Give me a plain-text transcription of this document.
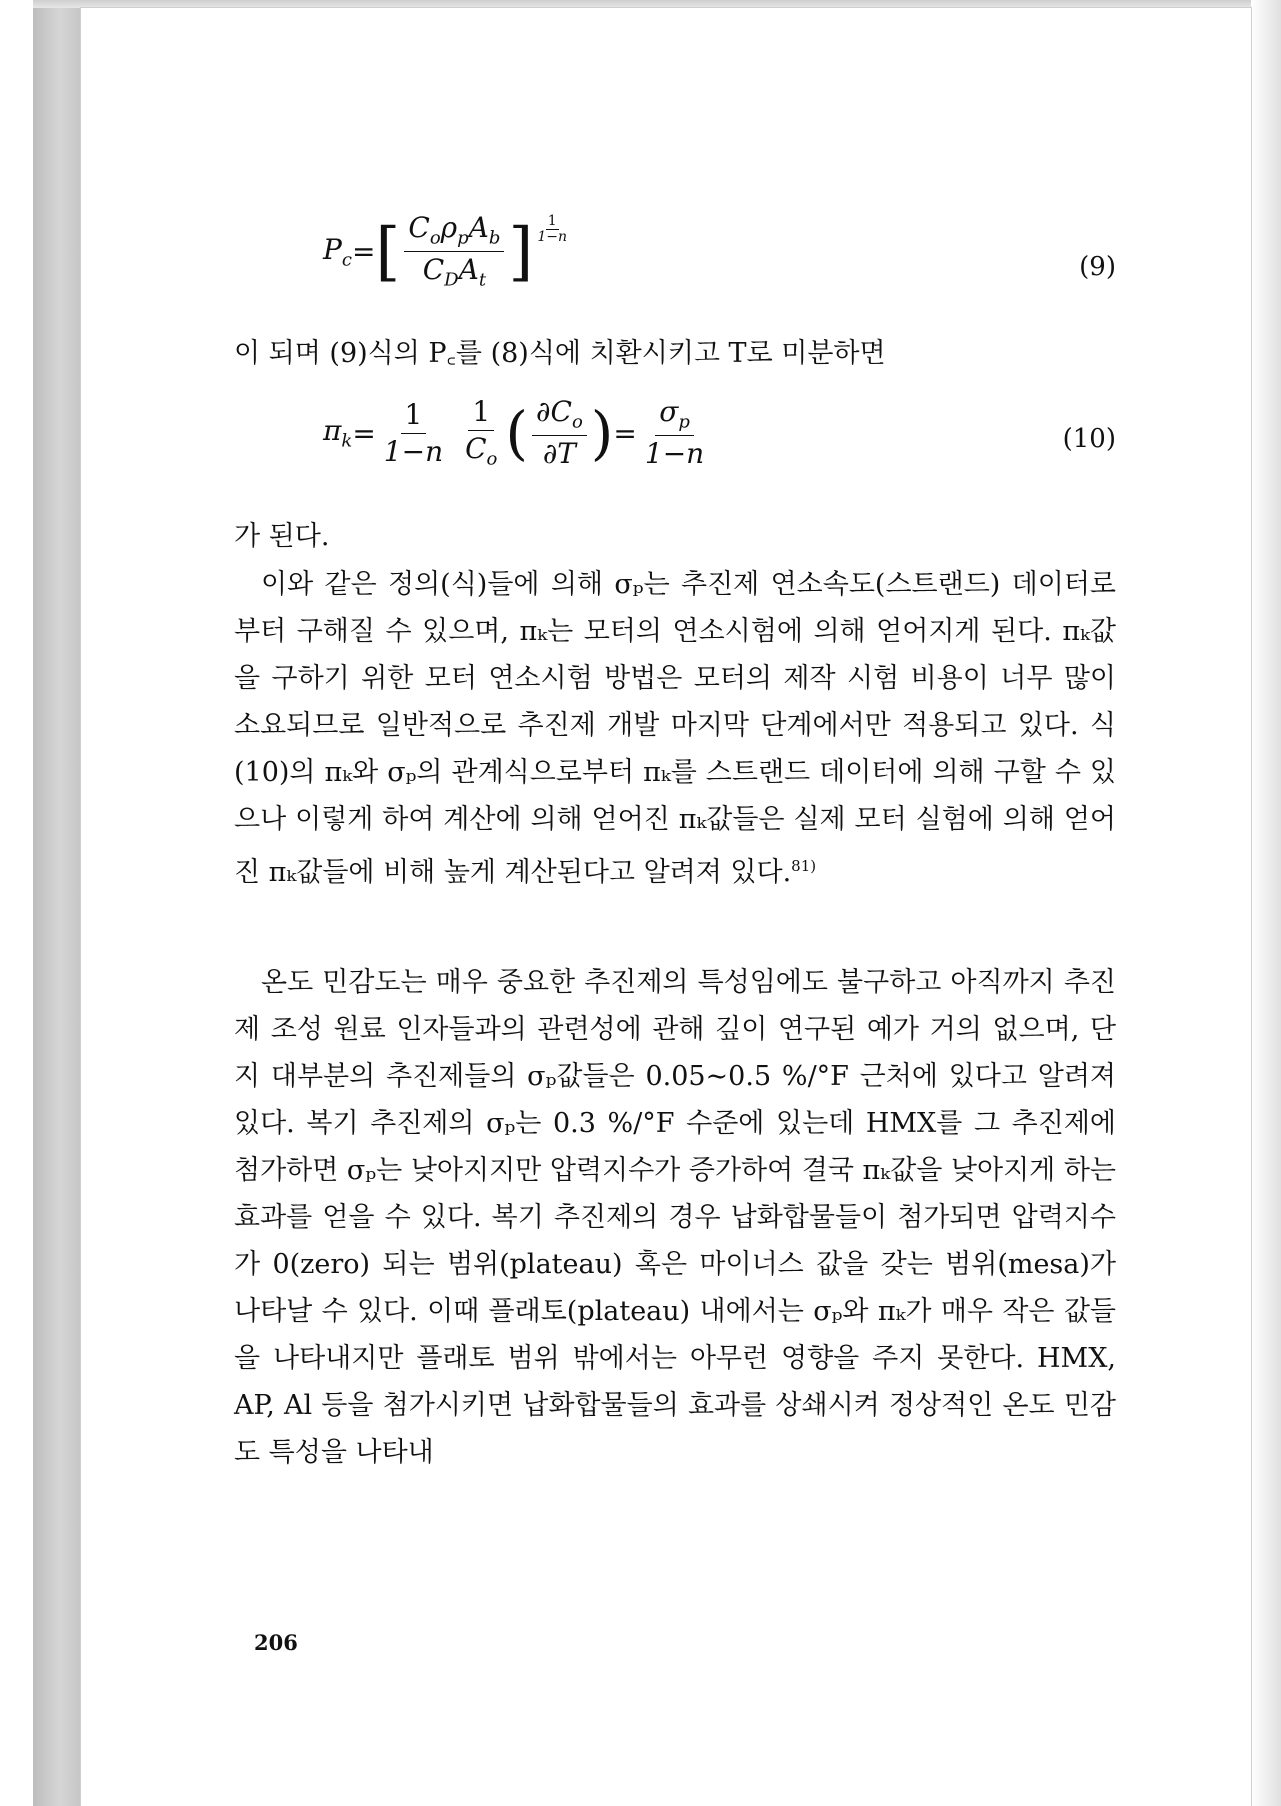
$P_c$ = [ $\frac{C_o\rho_pA_b}{C_DA_t}$ ] $\frac{1}{1-n}$
(9)
이 되며 (9)식의 P꜀를 (8)식에 치환시키고 T로 미분하면
$\pi_k = \frac{1}{1-n} \frac{1}{C_o}$ ( $\frac{\partial C_o}{\partial T}$ ) = $\frac{\sigma_p}{1-n}$	(10)
가 된다.
이와 같은 정의(식)들에 의해 σₚ는 추진제 연소속도(스트랜드) 데이터로부터 구해질 수 있으며, πₖ는 모터의 연소시험에 의해 얻어지게 된다. πₖ값을 구하기 위한 모터 연소시험 방법은 모터의 제작 시험 비용이 너무 많이 소요되므로 일반적으로 추진제 개발 마지막 단계에서만 적용되고 있다. 식 (10)의 πₖ와 σₚ의 관계식으로부터 πₖ를 스트랜드 데이터에 의해 구할 수 있으나 이렇게 하여 계산에 의해 얻어진 πₖ값들은 실제 모터 실험에 의해 얻어진 πₖ값들에 비해 높게 계산된다고 알려져 있다.$^{81)}$
온도 민감도는 매우 중요한 추진제의 특성임에도 불구하고 아직까지 추진제 조성 원료 인자들과의 관련성에 관해 깊이 연구된 예가 거의 없으며, 단지 대부분의 추진제들의 σₚ값들은 0.05∼0.5 %/°F 근처에 있다고 알려져 있다. 복기 추진제의 σₚ는 0.3 %/°F 수준에 있는데 HMX를 그 추진제에 첨가하면 σₚ는 낮아지지만 압력지수가 증가하여 결국 πₖ값을 낮아지게 하는 효과를 얻을 수 있다. 복기 추진제의 경우 납화합물들이 첨가되면 압력지수가 0(zero) 되는 범위(plateau) 혹은 마이너스 값을 갖는 범위(mesa)가 나타날 수 있다. 이때 플래토(plateau) 내에서는 σₚ와 πₖ가 매우 작은 값들을 나타내지만 플래토 범위 밖에서는 아무런 영향을 주지 못한다. HMX, AP, Al 등을 첨가시키면 납화합물들의 효과를 상쇄시켜 정상적인 온도 민감도 특성을 나타내
206
